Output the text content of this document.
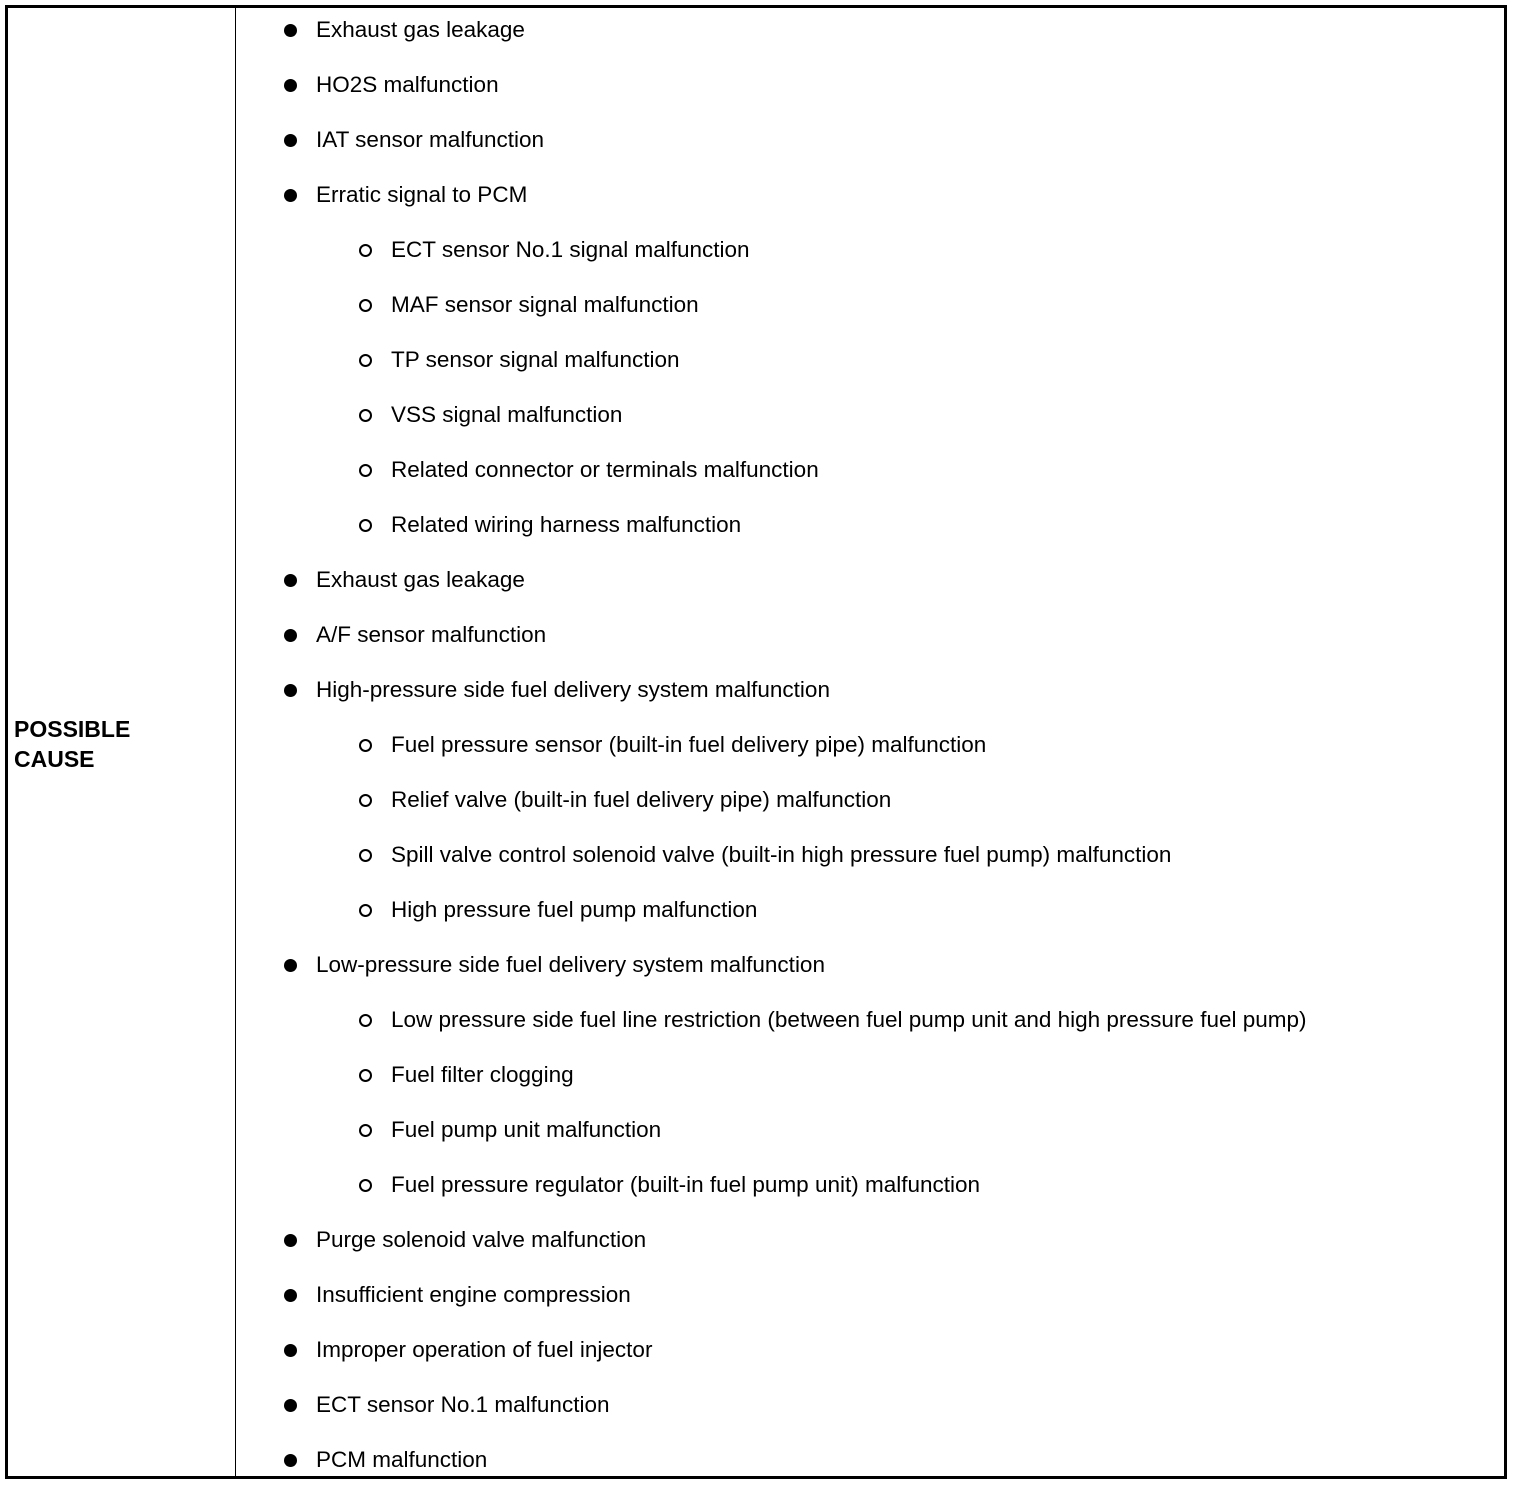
POSSIBLE
CAUSE
Exhaust gas leakage
HO2S malfunction
IAT sensor malfunction
Erratic signal to PCM
ECT sensor No.1 signal malfunction
MAF sensor signal malfunction
TP sensor signal malfunction
VSS signal malfunction
Related connector or terminals malfunction
Related wiring harness malfunction
Exhaust gas leakage
A/F sensor malfunction
High-pressure side fuel delivery system malfunction
Fuel pressure sensor (built-in fuel delivery pipe) malfunction
Relief valve (built-in fuel delivery pipe) malfunction
Spill valve control solenoid valve (built-in high pressure fuel pump) malfunction
High pressure fuel pump malfunction
Low-pressure side fuel delivery system malfunction
Low pressure side fuel line restriction (between fuel pump unit and high pressure fuel pump)
Fuel filter clogging
Fuel pump unit malfunction
Fuel pressure regulator (built-in fuel pump unit) malfunction
Purge solenoid valve malfunction
Insufficient engine compression
Improper operation of fuel injector
ECT sensor No.1 malfunction
PCM malfunction
